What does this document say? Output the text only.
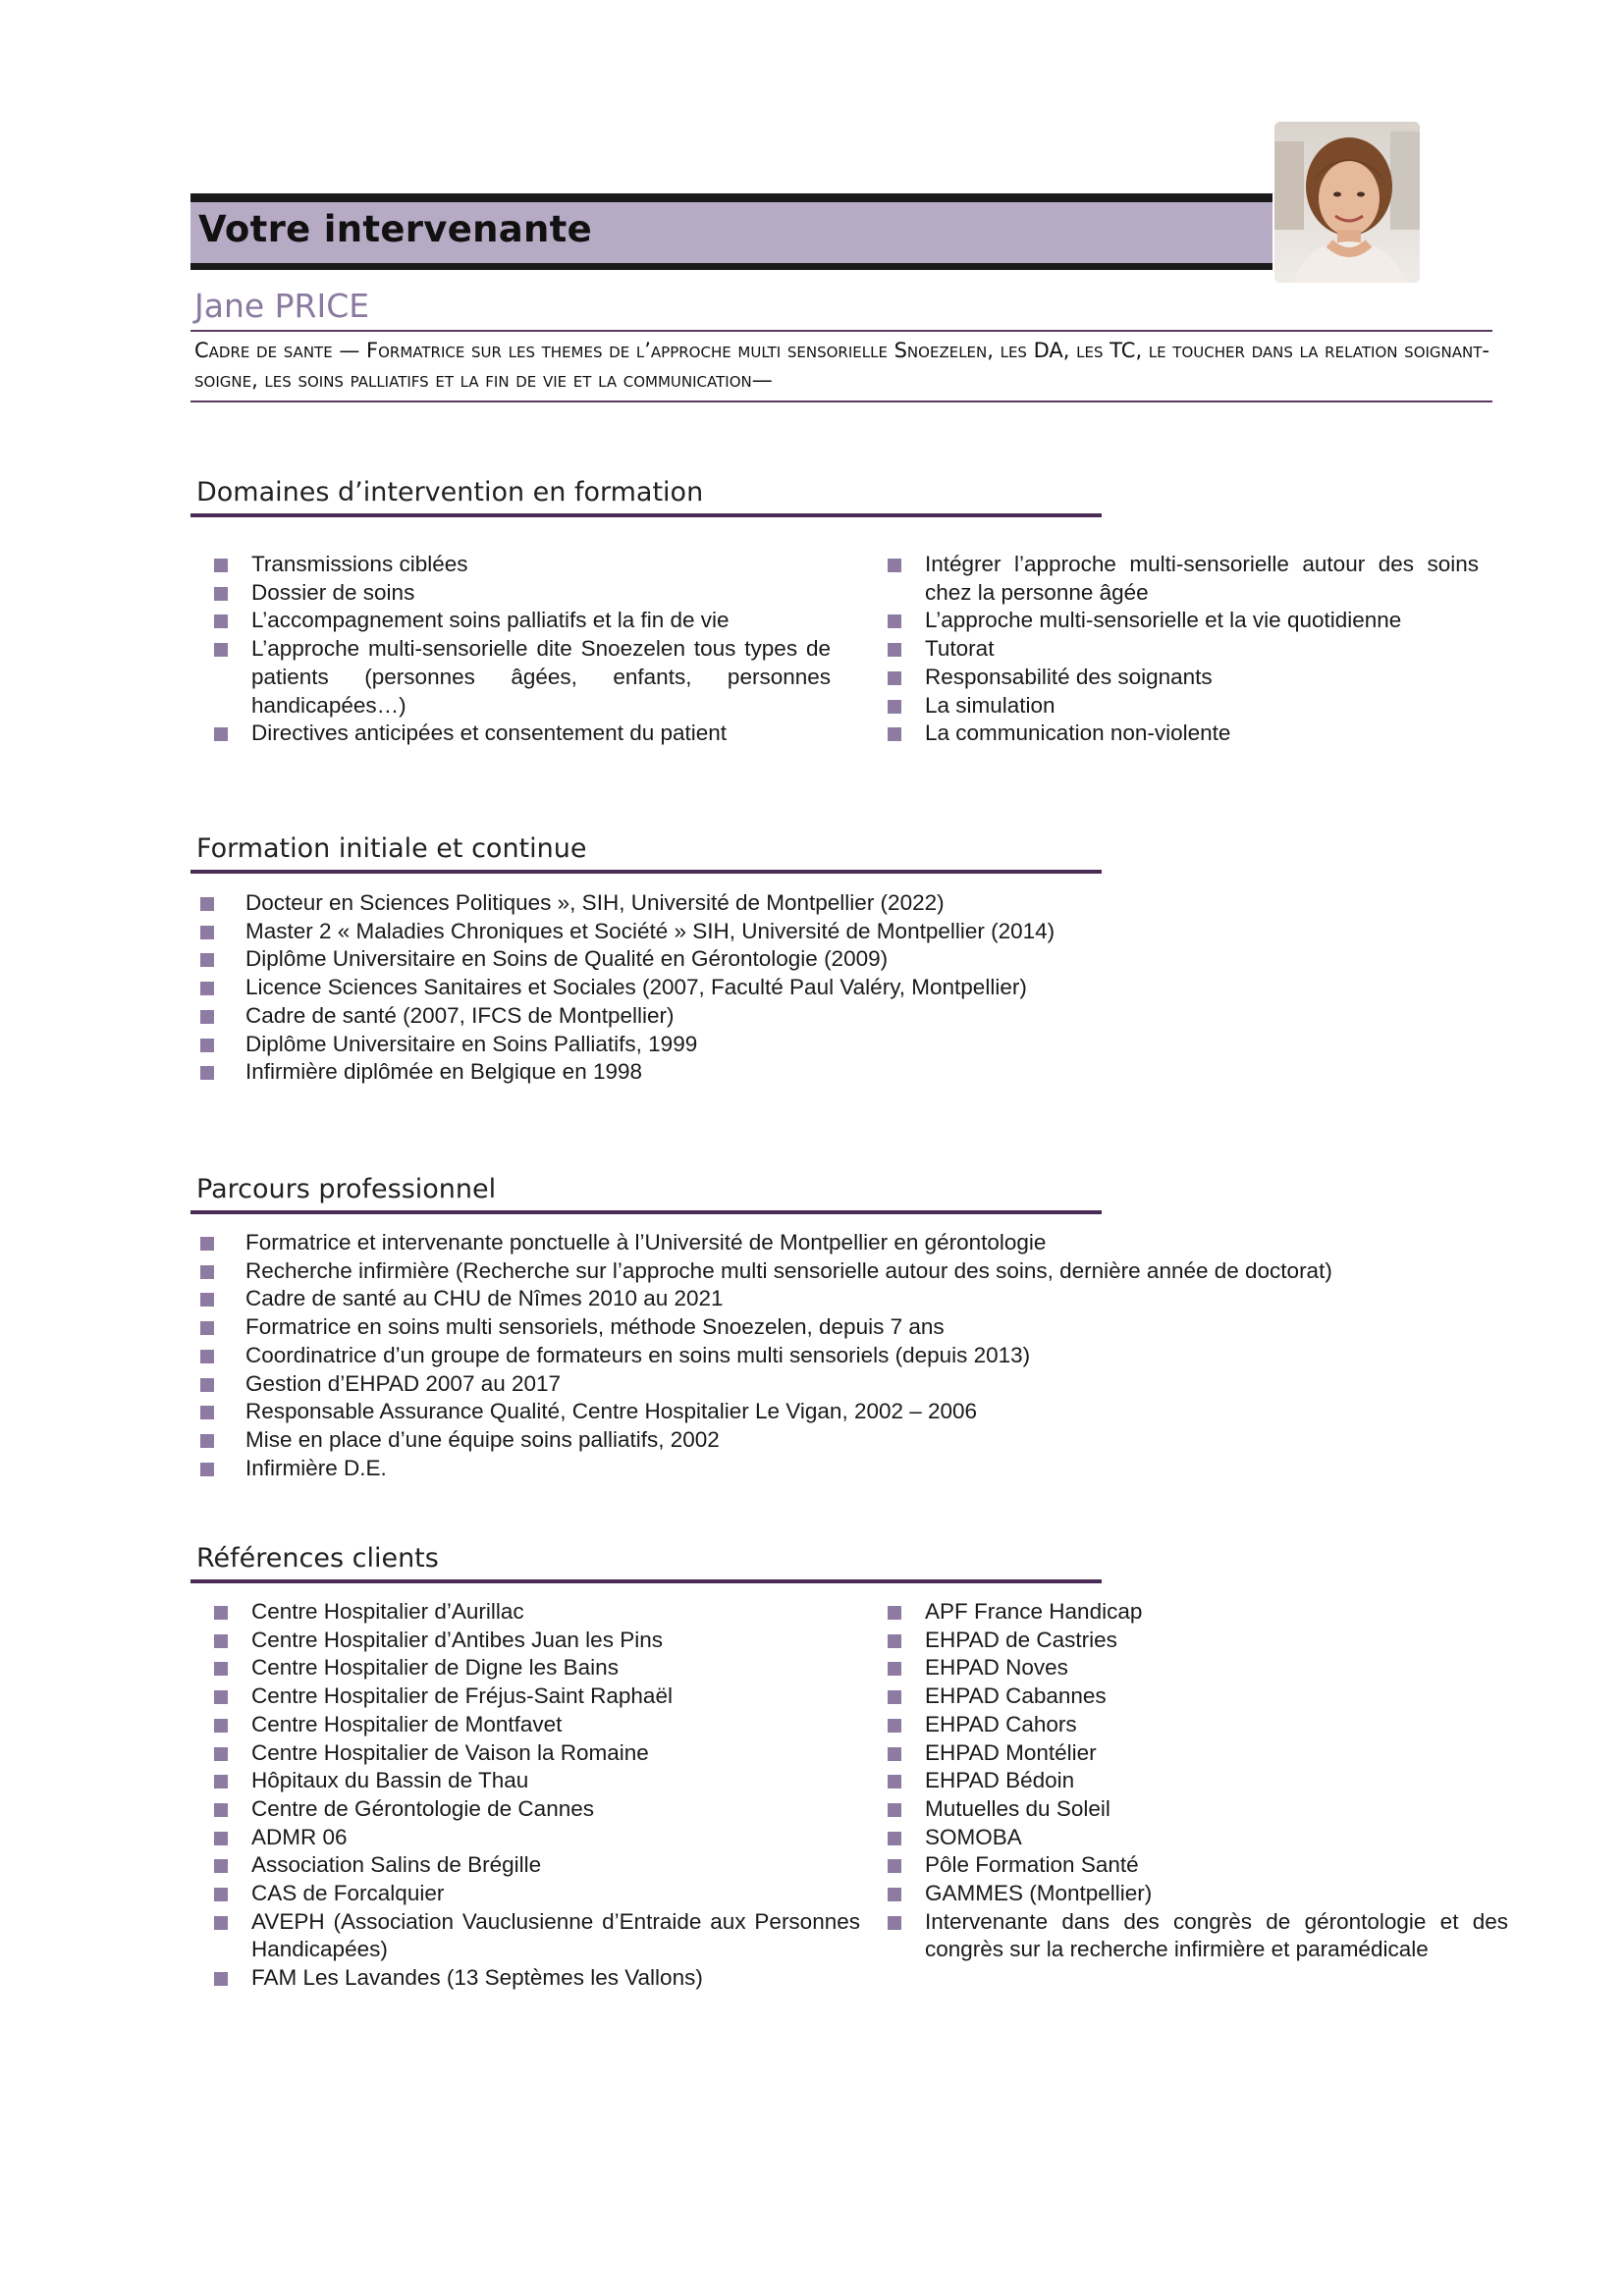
Votre intervenante
Jane PRICE
Cadre de sante — Formatrice sur les themes de l’approche multi sensorielle Snoezelen, les DA, les TC, le toucher dans la relation soignant-soigne, les soins palliatifs et la fin de vie et la communication—
Domaines d’intervention en formation
Transmissions ciblées
Dossier de soins
L’accompagnement soins palliatifs et la fin de vie
L’approche multi-sensorielle dite Snoezelen tous types de patients (personnes âgées, enfants, personnes handicapées…)
Directives anticipées et consentement du patient
Intégrer l’approche multi-sensorielle autour des soins chez la personne âgée
L’approche multi-sensorielle et la vie quotidienne
Tutorat
Responsabilité des soignants
La simulation
La communication non-violente
Formation initiale et continue
Docteur en Sciences Politiques », SIH, Université de Montpellier (2022)
Master 2 « Maladies Chroniques et Société » SIH, Université de Montpellier (2014)
Diplôme Universitaire en Soins de Qualité en Gérontologie (2009)
Licence Sciences Sanitaires et Sociales (2007, Faculté Paul Valéry, Montpellier)
Cadre de santé (2007, IFCS de Montpellier)
Diplôme Universitaire en Soins Palliatifs, 1999
Infirmière diplômée en Belgique en 1998
Parcours professionnel
Formatrice et intervenante ponctuelle à l’Université de Montpellier en gérontologie
Recherche infirmière (Recherche sur l’approche multi sensorielle autour des soins, dernière année de doctorat)
Cadre de santé au CHU de Nîmes 2010 au 2021
Formatrice en soins multi sensoriels, méthode Snoezelen, depuis 7 ans
Coordinatrice d’un groupe de formateurs en soins multi sensoriels (depuis 2013)
Gestion d’EHPAD 2007 au 2017
Responsable Assurance Qualité, Centre Hospitalier Le Vigan, 2002 – 2006
Mise en place d’une équipe soins palliatifs, 2002
Infirmière D.E.
Références clients
Centre Hospitalier d’Aurillac
Centre Hospitalier d’Antibes Juan les Pins
Centre Hospitalier de Digne les Bains
Centre Hospitalier de Fréjus-Saint Raphaël
Centre Hospitalier de Montfavet
Centre Hospitalier de Vaison la Romaine
Hôpitaux du Bassin de Thau
Centre de Gérontologie de Cannes
ADMR 06
Association Salins de Brégille
CAS de Forcalquier
AVEPH (Association Vauclusienne d’Entraide aux Personnes Handicapées)
FAM Les Lavandes (13 Septèmes les Vallons)
APF France Handicap
EHPAD de Castries
EHPAD Noves
EHPAD Cabannes
EHPAD Cahors
EHPAD Montélier
EHPAD Bédoin
Mutuelles du Soleil
SOMOBA
Pôle Formation Santé
GAMMES (Montpellier)
Intervenante dans des congrès de gérontologie et des congrès sur la recherche infirmière et paramédicale
